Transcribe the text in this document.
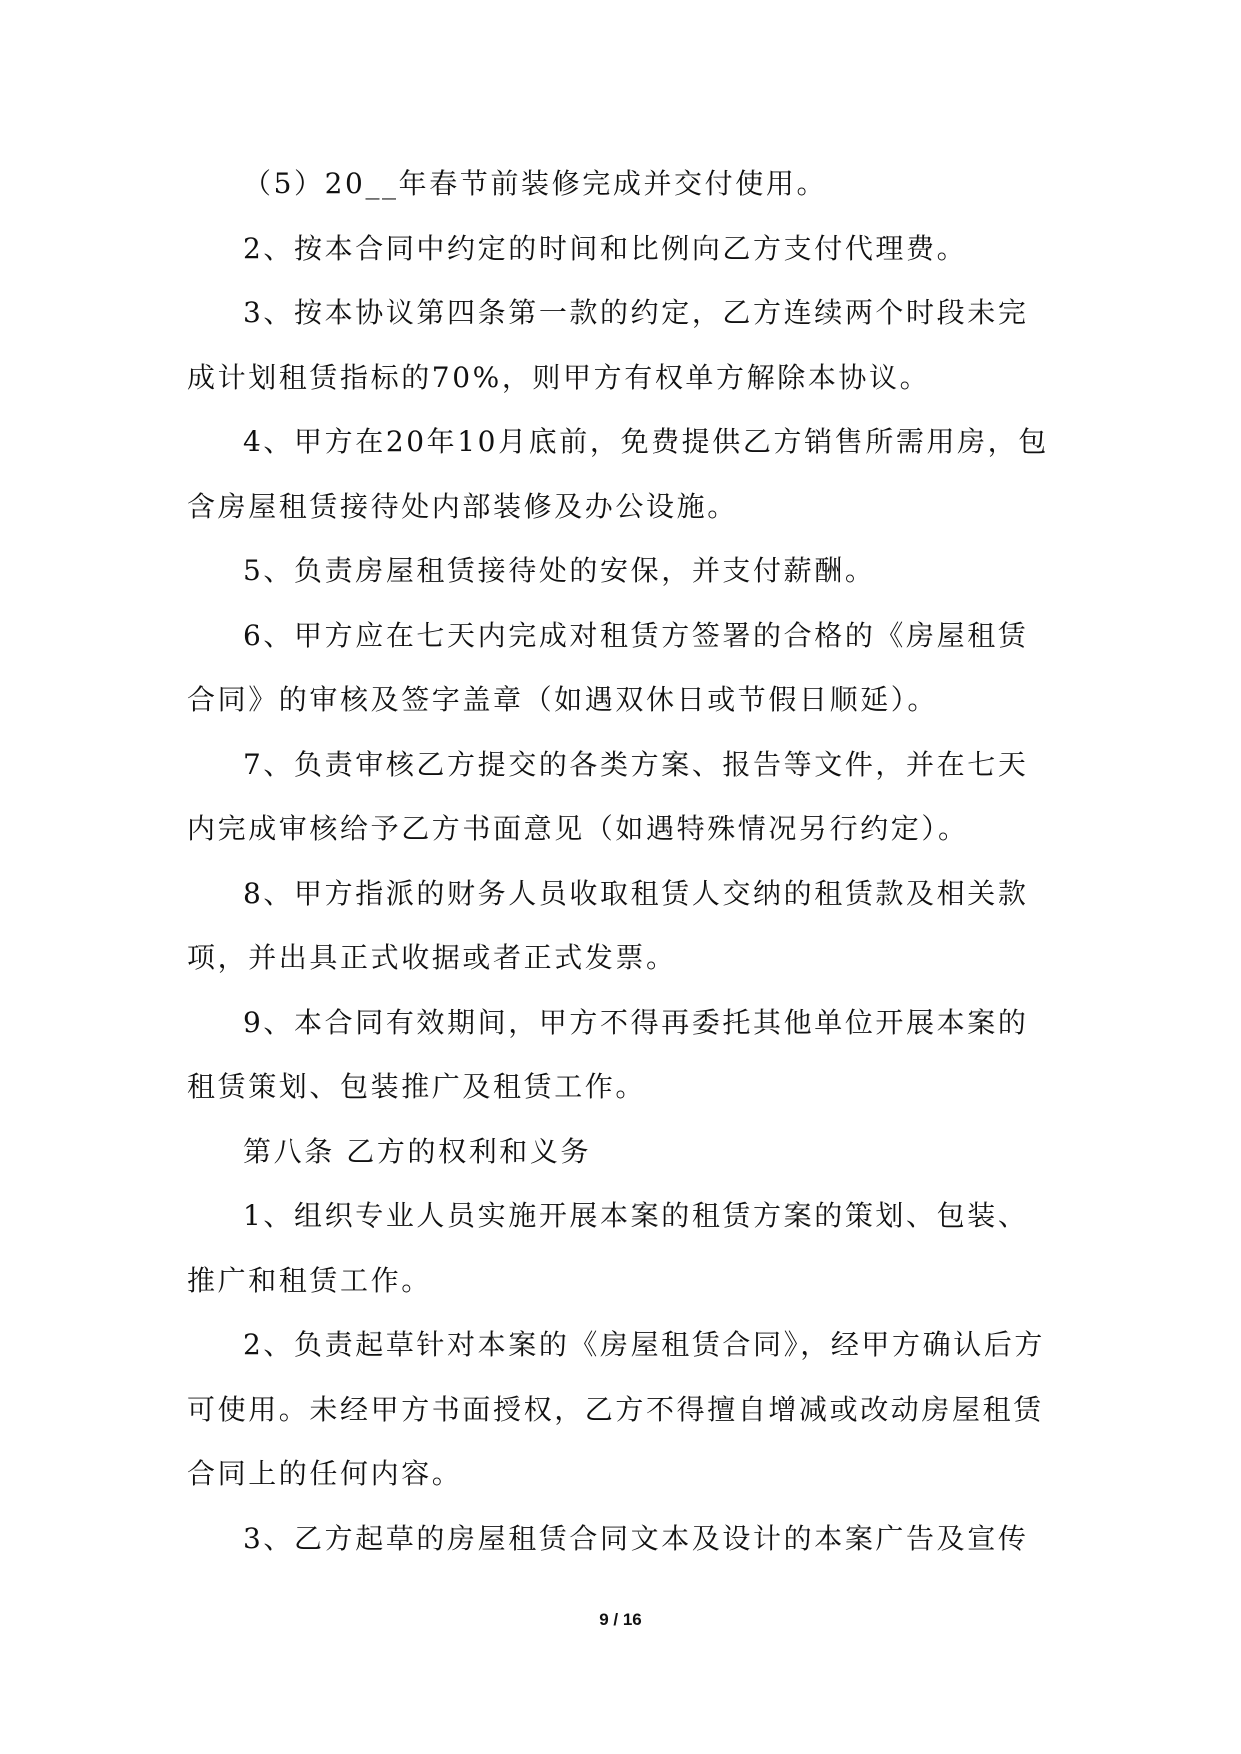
（5）20__年春节前装修完成并交付使用。

2、按本合同中约定的时间和比例向乙方支付代理费。

3、按本协议第四条第一款的约定，乙方连续两个时段未完成计划租赁指标的70%，则甲方有权单方解除本协议。

4、甲方在20年10月底前，免费提供乙方销售所需用房，包含房屋租赁接待处内部装修及办公设施。

5、负责房屋租赁接待处的安保，并支付薪酬。

6、甲方应在七天内完成对租赁方签署的合格的《房屋租赁合同》的审核及签字盖章（如遇双休日或节假日顺延）。

7、负责审核乙方提交的各类方案、报告等文件，并在七天内完成审核给予乙方书面意见（如遇特殊情况另行约定）。

8、甲方指派的财务人员收取租赁人交纳的租赁款及相关款项，并出具正式收据或者正式发票。

9、本合同有效期间，甲方不得再委托其他单位开展本案的租赁策划、包装推广及租赁工作。

第八条 乙方的权利和义务

1、组织专业人员实施开展本案的租赁方案的策划、包装、推广和租赁工作。

2、负责起草针对本案的《房屋租赁合同》，经甲方确认后方可使用。未经甲方书面授权，乙方不得擅自增减或改动房屋租赁合同上的任何内容。

3、乙方起草的房屋租赁合同文本及设计的本案广告及宣传

9 / 16
